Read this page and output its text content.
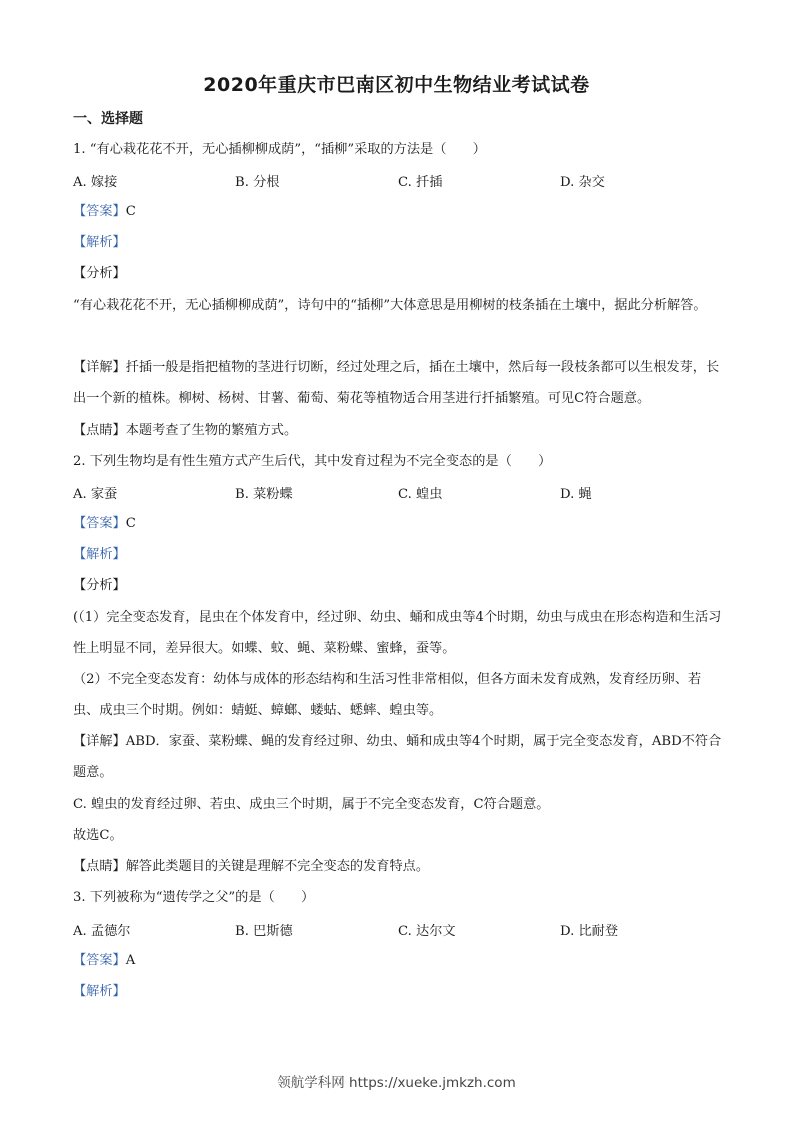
2020年重庆市巴南区初中生物结业考试试卷
一、选择题
1. “有心栽花花不开，无心插柳柳成荫”，“插柳”采取的方法是（　　）
A. 嫁接	B. 分根	C. 扦插	D. 杂交
【答案】C
【解析】
【分析】
“有心栽花花不开，无心插柳柳成荫”，诗句中的“插柳”大体意思是用柳树的枝条插在土壤中，据此分析解答。
【详解】扦插一般是指把植物的茎进行切断，经过处理之后，插在土壤中，然后每一段枝条都可以生根发芽，长出一个新的植株。柳树、杨树、甘薯、葡萄、菊花等植物适合用茎进行扦插繁殖。可见C符合题意。
【点睛】本题考查了生物的繁殖方式。
2. 下列生物均是有性生殖方式产生后代，其中发育过程为不完全变态的是（　　）
A. 家蚕	B. 菜粉蝶	C. 蝗虫	D. 蝇
【答案】C
【解析】
【分析】
(（1）完全变态发育，昆虫在个体发育中，经过卵、幼虫、蛹和成虫等4个时期，幼虫与成虫在形态构造和生活习性上明显不同，差异很大。如蝶、蚊、蝇、菜粉蝶、蜜蜂，蚕等。
（2）不完全变态发育：幼体与成体的形态结构和生活习性非常相似，但各方面未发育成熟，发育经历卵、若虫、成虫三个时期。例如：蜻蜓、蟑螂、蝼蛄、蟋蟀、蝗虫等。
【详解】ABD．家蚕、菜粉蝶、蝇的发育经过卵、幼虫、蛹和成虫等4个时期，属于完全变态发育，ABD不符合题意。
C. 蝗虫的发育经过卵、若虫、成虫三个时期，属于不完全变态发育，C符合题意。
故选C。
【点睛】解答此类题目的关键是理解不完全变态的发育特点。
3. 下列被称为“遗传学之父”的是（　　）
A. 孟德尔	B. 巴斯德	C. 达尔文	D. 比耐登
【答案】A
【解析】
领航学科网 https://xueke.jmkzh.com
